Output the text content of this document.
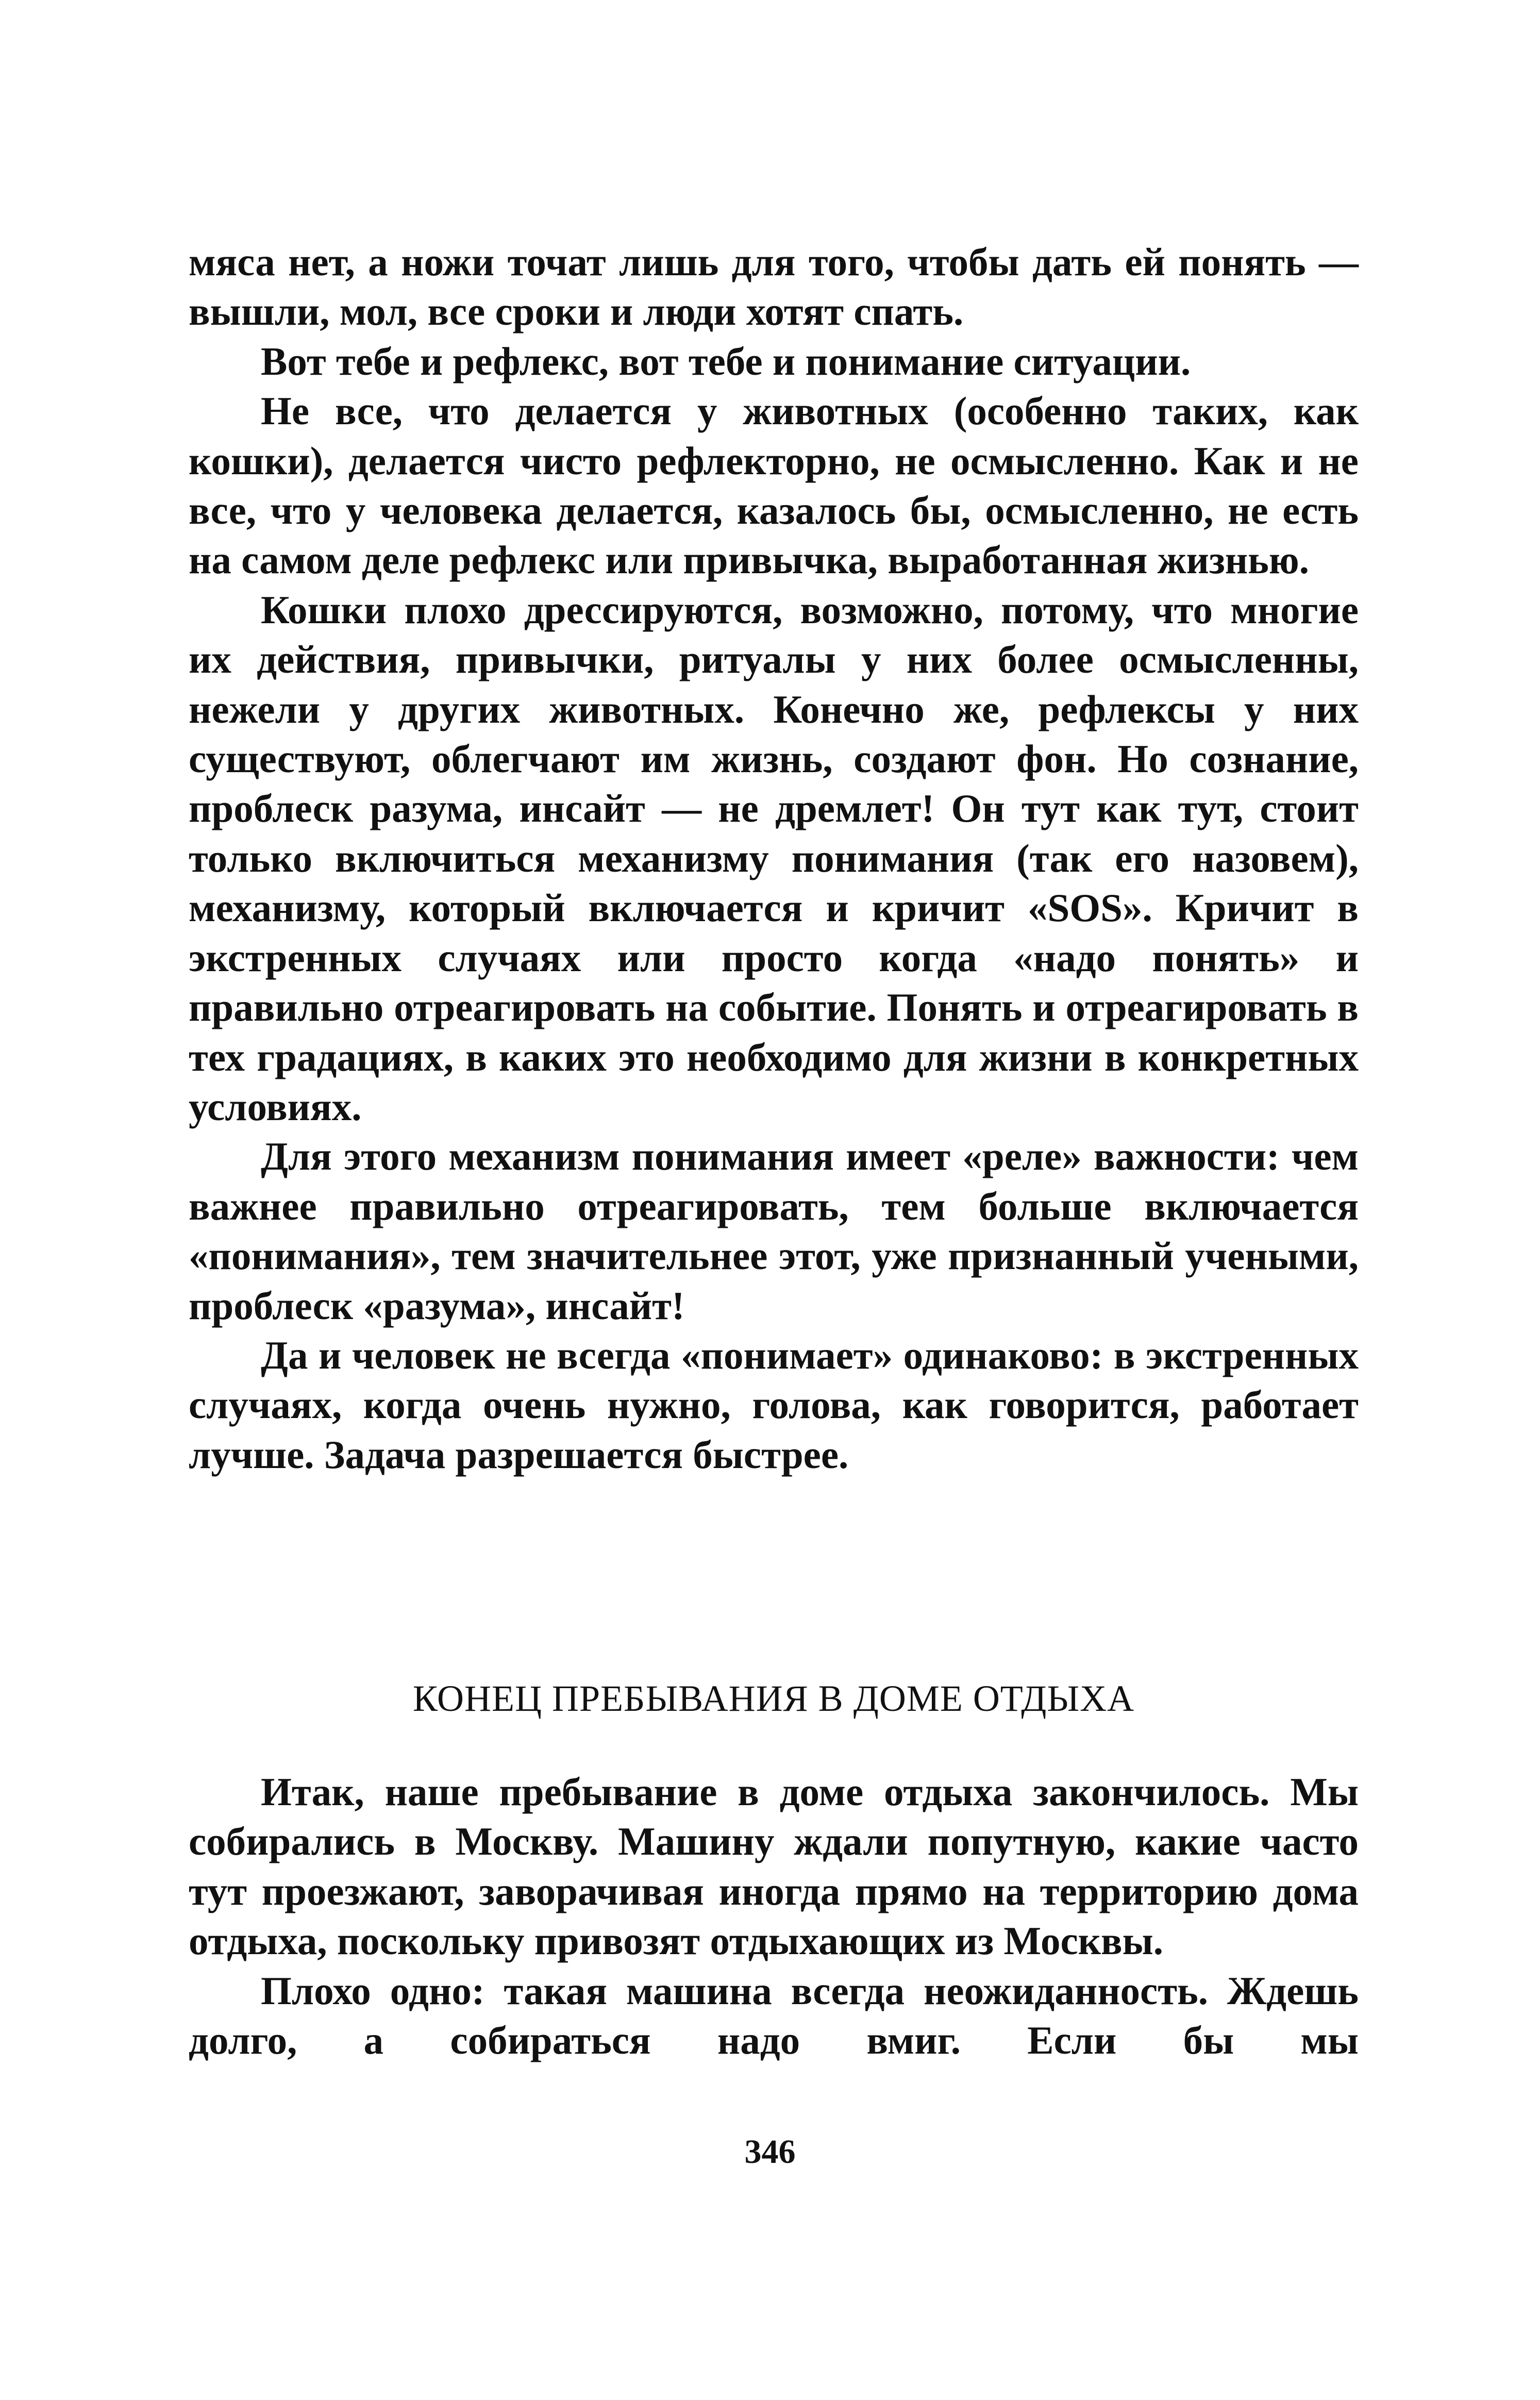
мяса нет, а ножи точат лишь для того, чтобы дать ей понять — вышли, мол, все сроки и люди хотят спать.

Вот тебе и рефлекс, вот тебе и понимание ситуации.

Не все, что делается у животных (особенно таких, как кошки), делается чисто рефлекторно, не осмысленно. Как и не все, что у человека делается, казалось бы, осмысленно, не есть на самом деле рефлекс или привычка, выработанная жизнью.

Кошки плохо дрессируются, возможно, потому, что многие их действия, привычки, ритуалы у них более осмысленны, нежели у других животных. Конечно же, рефлексы у них существуют, облегчают им жизнь, создают фон. Но сознание, проблеск разума, инсайт — не дремлет! Он тут как тут, стоит только включиться механизму понимания (так его назовем), механизму, который включается и кричит «SOS». Кричит в экстренных случаях или просто когда «надо понять» и правильно отреагировать на событие. Понять и отреагировать в тех градациях, в каких это необходимо для жизни в конкретных условиях.

Для этого механизм понимания имеет «реле» важности: чем важнее правильно отреагировать, тем больше включается «понимания», тем значительнее этот, уже признанный учеными, проблеск «разума», инсайт!

Да и человек не всегда «понимает» одинаково: в экстренных случаях, когда очень нужно, голова, как говорится, работает лучше. Задача разрешается быстрее.

КОНЕЦ ПРЕБЫВАНИЯ В ДОМЕ ОТДЫХА

Итак, наше пребывание в доме отдыха закончилось. Мы собирались в Москву. Машину ждали попутную, какие часто тут проезжают, заворачивая иногда прямо на территорию дома отдыха, поскольку привозят отдыхающих из Москвы.

Плохо одно: такая машина всегда неожиданность. Ждешь долго, а собираться надо вмиг. Если бы мы

346
